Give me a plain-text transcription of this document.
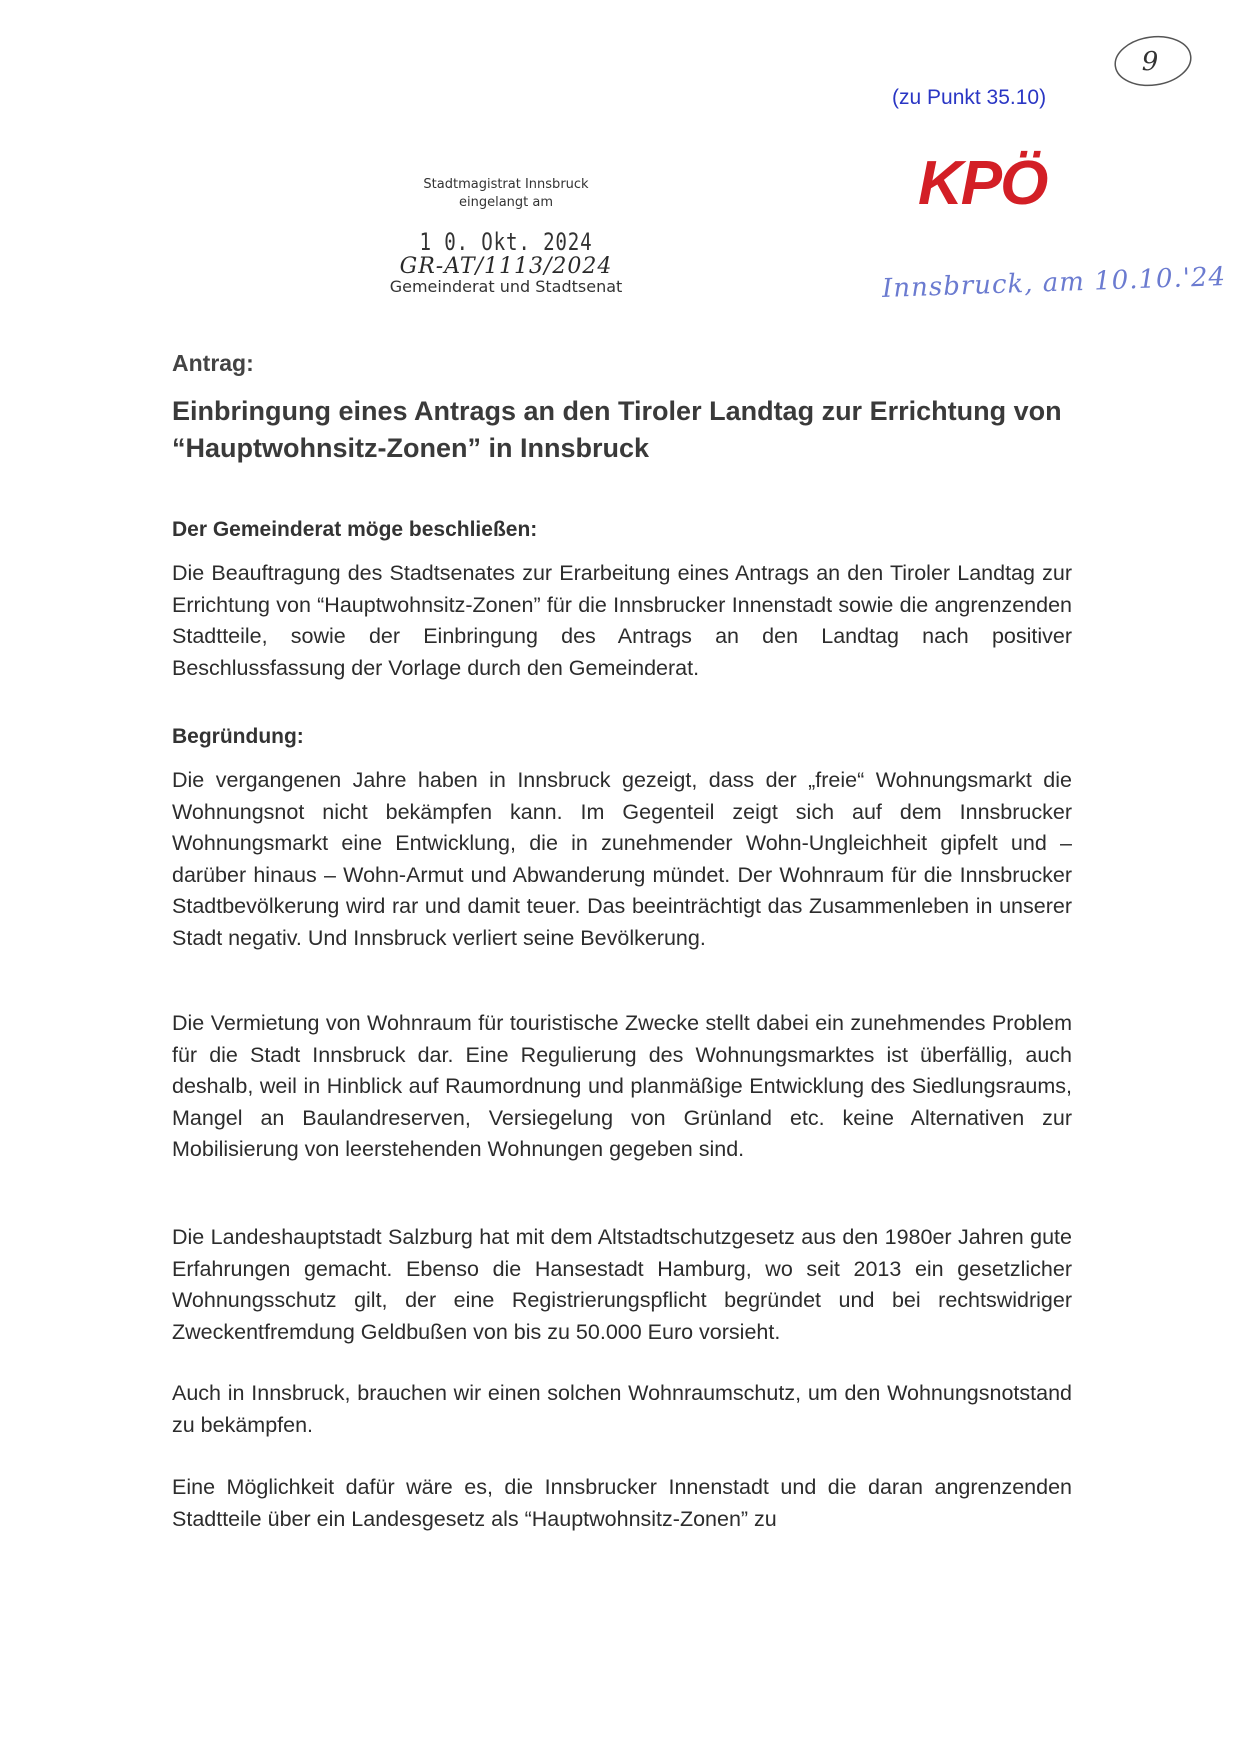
9
(zu Punkt 35.10)
KPÖ
Stadtmagistrat Innsbruck
eingelangt am
1 0. Okt. 2024
GR-AT/1113/2024
Gemeinderat und Stadtsenat	Innsbruck, am 10.10.'24
Antrag:
Einbringung eines Antrags an den Tiroler Landtag zur Errichtung von “Hauptwohnsitz-Zonen” in Innsbruck
Der Gemeinderat möge beschließen:
Die Beauftragung des Stadtsenates zur Erarbeitung eines Antrags an den Tiroler Landtag zur Errichtung von “Hauptwohnsitz-Zonen” für die Innsbrucker Innenstadt sowie die angrenzenden Stadtteile, sowie der Einbringung des Antrags an den Landtag nach positiver Beschlussfassung der Vorlage durch den Gemeinderat.
Begründung:
Die vergangenen Jahre haben in Innsbruck gezeigt, dass der „freie“ Wohnungsmarkt die Wohnungsnot nicht bekämpfen kann. Im Gegenteil zeigt sich auf dem Innsbrucker Wohnungsmarkt eine Entwicklung, die in zunehmender Wohn-Ungleichheit gipfelt und – darüber hinaus – Wohn-Armut und Abwanderung mündet. Der Wohnraum für die Innsbrucker Stadtbevölkerung wird rar und damit teuer. Das beeinträchtigt das Zusammenleben in unserer Stadt negativ. Und Innsbruck verliert seine Bevölkerung.
Die Vermietung von Wohnraum für touristische Zwecke stellt dabei ein zunehmendes Problem für die Stadt Innsbruck dar. Eine Regulierung des Wohnungsmarktes ist überfällig, auch deshalb, weil in Hinblick auf Raumordnung und planmäßige Entwicklung des Siedlungsraums, Mangel an Baulandreserven, Versiegelung von Grünland etc. keine Alternativen zur Mobilisierung von leerstehenden Wohnungen gegeben sind.
Die Landeshauptstadt Salzburg hat mit dem Altstadtschutzgesetz aus den 1980er Jahren gute Erfahrungen gemacht. Ebenso die Hansestadt Hamburg, wo seit 2013 ein gesetzlicher Wohnungsschutz gilt, der eine Registrierungspflicht begründet und bei rechtswidriger Zweckentfremdung Geldbußen von bis zu 50.000 Euro vorsieht.
Auch in Innsbruck, brauchen wir einen solchen Wohnraumschutz, um den Wohnungsnotstand zu bekämpfen.
Eine Möglichkeit dafür wäre es, die Innsbrucker Innenstadt und die daran angrenzenden Stadtteile über ein Landesgesetz als “Hauptwohnsitz-Zonen” zu
